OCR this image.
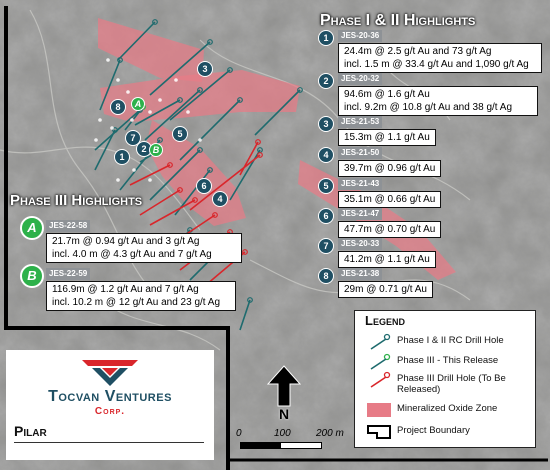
8
7
2
1
3
5
6
4
A
B
Phase I & II Highlights
1	JES-20-36
24.4m @ 2.5 g/t Au and 73 g/t Ag
incl. 1.5 m @ 33.4 g/t Au and 1,090 g/t Ag
2	JES-20-32
94.6m @ 1.6 g/t Au
incl. 9.2m @ 10.8 g/t Au and 38 g/t Ag
3	JES-21-53
15.3m @ 1.1 g/t Au
4	JES-21-50
39.7m @ 0.96 g/t Au
5	JES-21-43
35.1m @ 0.66 g/t Au
6	JES-21-47
47.7m @ 0.70 g/t Au
7	JES-20-33
41.2m @ 1.1 g/t Au
8	JES-21-38
29m @ 0.71 g/t Au
Phase III Highlights
A	JES-22-58
21.7m @ 0.94 g/t Au and 3 g/t Ag
incl. 4.0 m @ 4.3 g/t Au and 7 g/t Ag
B	JES-22-59
116.9m @ 1.2 g/t Au and 7 g/t Ag
incl. 10.2 m @ 12 g/t Au and 23 g/t Ag
N
0	100	200 m
Legend
Phase I & II RC Drill Hole
Phase III - This Release
Phase III Drill Hole (To Be Released)
Mineralized Oxide Zone
Project Boundary
Tocvan Ventures
Corp.
Pilar
